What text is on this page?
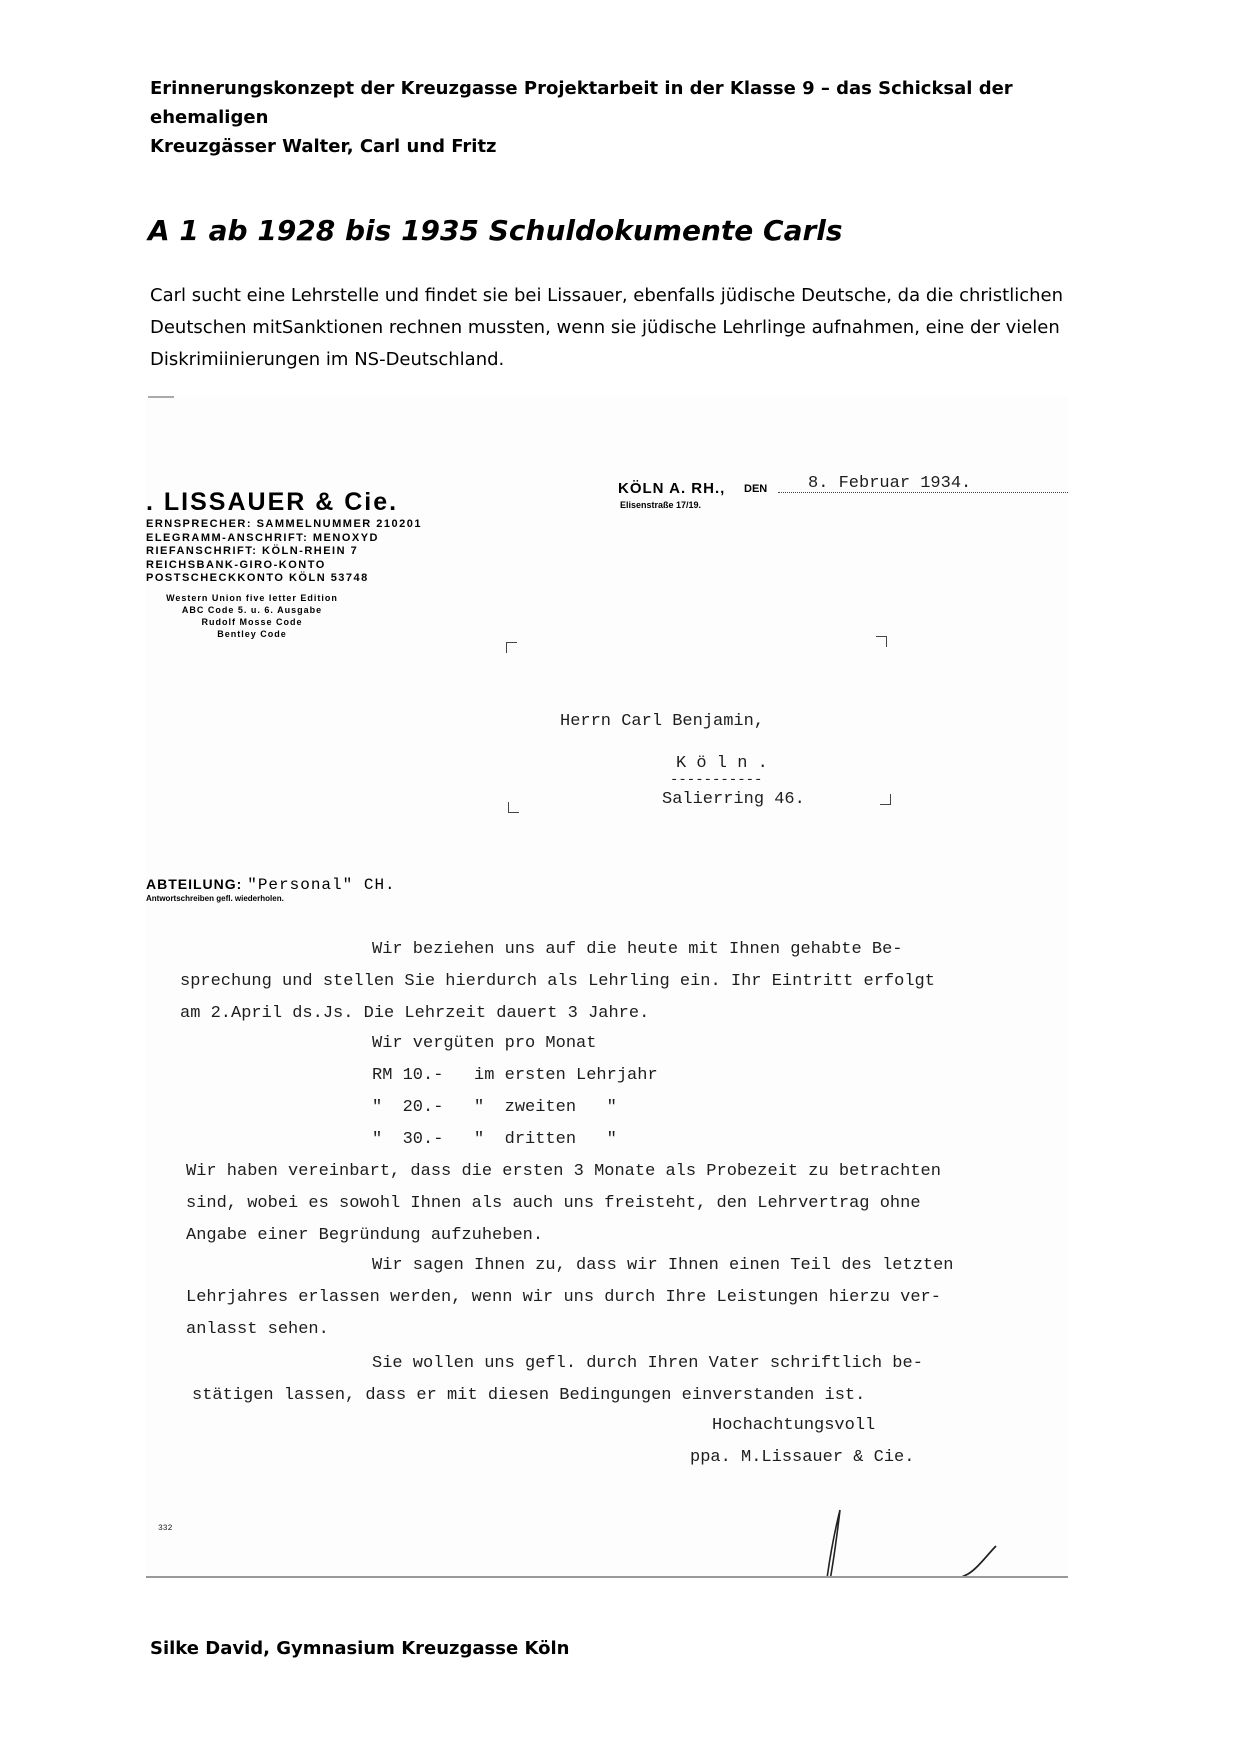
Erinnerungskonzept der Kreuzgasse Projektarbeit in der Klasse 9 – das Schicksal der ehemaligen
Kreuzgässer Walter, Carl und Fritz
A 1 ab 1928 bis 1935 Schuldokumente Carls

Carl sucht eine Lehrstelle und findet sie bei Lissauer, ebenfalls jüdische Deutsche, da die christlichen Deutschen mitSanktionen rechnen mussten, wenn sie jüdische Lehrlinge aufnahmen, eine der vielen Diskrimiinierungen im NS-Deutschland.

. LISSAUER & Cie.
ERNSPRECHER: SAMMELNUMMER 210201
ELEGRAMM-ANSCHRIFT: MENOXYD
RIEFANSCHRIFT: KÖLN-RHEIN 7
REICHSBANK-GIRO-KONTO
POSTSCHECKKONTO KÖLN 53748
Western Union five letter Edition
ABC Code 5. u. 6. Ausgabe
Rudolf Mosse Code
Bentley Code
KÖLN A. RH.,
Elisenstraße 17/19.
DEN 8. Februar 1934.
Herrn Carl Benjamin,
K ö l n .
-----------
Salierring 46.
ABTEILUNG: "Personal" CH.
Antwortschreiben gefl. wiederholen.
Wir beziehen uns auf die heute mit Ihnen gehabte Be-
sprechung und stellen Sie hierdurch als Lehrling ein. Ihr Eintritt erfolgt
am 2.April ds.Js. Die Lehrzeit dauert 3 Jahre.
Wir vergüten pro Monat
RM 10.-   im ersten Lehrjahr
"  20.-   "  zweiten   "
"  30.-   "  dritten   "
Wir haben vereinbart, dass die ersten 3 Monate als Probezeit zu betrachten
sind, wobei es sowohl Ihnen als auch uns freisteht, den Lehrvertrag ohne
Angabe einer Begründung aufzuheben.
Wir sagen Ihnen zu, dass wir Ihnen einen Teil des letzten
Lehrjahres erlassen werden, wenn wir uns durch Ihre Leistungen hierzu ver-
anlasst sehen.
Sie wollen uns gefl. durch Ihren Vater schriftlich be-
stätigen lassen, dass er mit diesen Bedingungen einverstanden ist.
Hochachtungsvoll
ppa. M.Lissauer & Cie.
332

Silke David, Gymnasium Kreuzgasse Köln
